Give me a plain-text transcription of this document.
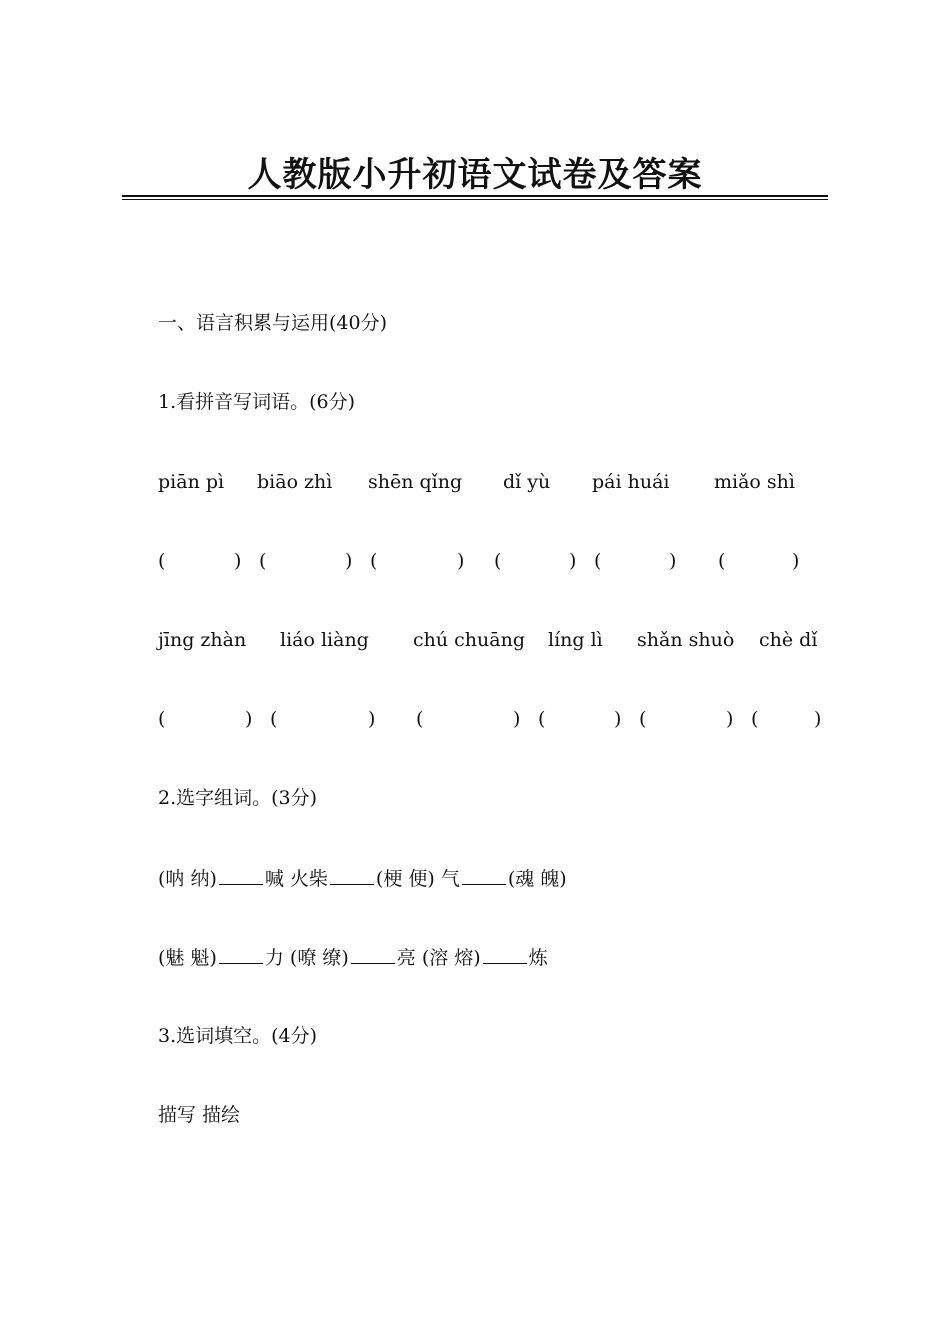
人教版小升初语文试卷及答案
一、语言积累与运用(40分)
1.看拼音写词语。(6分)
piān pì biāo zhì shēn qǐng dǐ yù pái huái miǎo shì
(	) (	) (	) (	) (	) (	)
jīng zhàn liáo liàng chú chuāng líng lì shǎn shuò chè dǐ
(	) (	) (	) (	) (	) (	)
2.选字组词。(3分)
(呐 纳)	喊 火柴	(梗 便) 气	(魂 魄)
(魅 魁)	力 (嘹 缭)	亮 (溶 熔)	炼
3.选词填空。(4分)
描写 描绘
